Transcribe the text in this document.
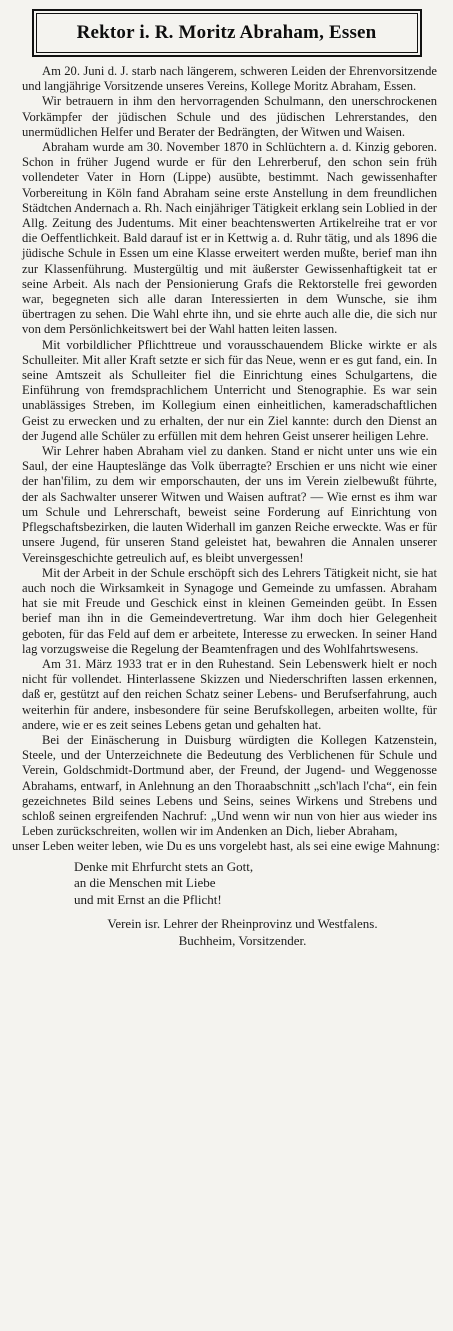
Rektor i. R. Moritz Abraham, Essen

Am 20. Juni d. J. starb nach längerem, schweren Leiden der Ehrenvorsitzende und langjährige Vorsitzende unseres Vereins, Kollege Moritz Abraham, Essen.

Wir betrauern in ihm den hervorragenden Schulmann, den unerschrockenen Vorkämpfer der jüdischen Schule und des jüdischen Lehrerstandes, den unermüdlichen Helfer und Berater der Bedrängten, der Witwen und Waisen.

Abraham wurde am 30. November 1870 in Schlüchtern a. d. Kinzig geboren. Schon in früher Jugend wurde er für den Lehrerberuf, den schon sein früh vollendeter Vater in Horn (Lippe) ausübte, bestimmt. Nach gewissenhafter Vorbereitung in Köln fand Abraham seine erste Anstellung in dem freundlichen Städtchen Andernach a. Rh. Nach einjähriger Tätigkeit erklang sein Loblied in der Allg. Zeitung des Judentums. Mit einer beachtenswerten Artikelreihe trat er vor die Oeffentlichkeit. Bald darauf ist er in Kettwig a. d. Ruhr tätig, und als 1896 die jüdische Schule in Essen um eine Klasse erweitert werden mußte, berief man ihn zur Klassenführung. Mustergültig und mit äußerster Gewissenhaftigkeit tat er seine Arbeit. Als nach der Pensionierung Grafs die Rektorstelle frei geworden war, begegneten sich alle daran Interessierten in dem Wunsche, sie ihm übertragen zu sehen. Die Wahl ehrte ihn, und sie ehrte auch alle die, die sich nur von dem Persönlichkeitswert bei der Wahl hatten leiten lassen.

Mit vorbildlicher Pflichttreue und vorausschauendem Blicke wirkte er als Schulleiter. Mit aller Kraft setzte er sich für das Neue, wenn er es gut fand, ein. In seine Amtszeit als Schulleiter fiel die Einrichtung eines Schulgartens, die Einführung von fremdsprachlichem Unterricht und Stenographie. Es war sein unablässiges Streben, im Kollegium einen einheitlichen, kameradschaftlichen Geist zu erwecken und zu erhalten, der nur ein Ziel kannte: durch den Dienst an der Jugend alle Schüler zu erfüllen mit dem hehren Geist unserer heiligen Lehre.

Wir Lehrer haben Abraham viel zu danken. Stand er nicht unter uns wie ein Saul, der eine Haupteslänge das Volk überragte? Erschien er uns nicht wie einer der han'filim, zu dem wir emporschauten, der uns im Verein zielbewußt führte, der als Sachwalter unserer Witwen und Waisen auftrat? — Wie ernst es ihm war um Schule und Lehrerschaft, beweist seine Forderung auf Einrichtung von Pflegschaftsbezirken, die lauten Widerhall im ganzen Reiche erweckte. Was er für unsere Jugend, für unseren Stand geleistet hat, bewahren die Annalen unserer Vereinsgeschichte getreulich auf, es bleibt unvergessen!

Mit der Arbeit in der Schule erschöpft sich des Lehrers Tätigkeit nicht, sie hat auch noch die Wirksamkeit in Synagoge und Gemeinde zu umfassen. Abraham hat sie mit Freude und Geschick einst in kleinen Gemeinden geübt. In Essen berief man ihn in die Gemeindevertretung. War ihm doch hier Gelegenheit geboten, für das Feld auf dem er arbeitete, Interesse zu erwecken. In seiner Hand lag vorzugsweise die Regelung der Beamtenfragen und des Wohlfahrtswesens.

Am 31. März 1933 trat er in den Ruhestand. Sein Lebenswerk hielt er noch nicht für vollendet. Hinterlassene Skizzen und Niederschriften lassen erkennen, daß er, gestützt auf den reichen Schatz seiner Lebens- und Berufserfahrung, auch weiterhin für andere, insbesondere für seine Berufskollegen, arbeiten wollte, für andere, wie er es zeit seines Lebens getan und gehalten hat.

Bei der Einäscherung in Duisburg würdigten die Kollegen Katzenstein, Steele, und der Unterzeichnete die Bedeutung des Verblichenen für Schule und Verein, Goldschmidt-Dortmund aber, der Freund, der Jugend- und Weggenosse Abrahams, entwarf, in Anlehnung an den Thoraabschnitt „sch'lach l'cha“, ein fein gezeichnetes Bild seines Lebens und Seins, seines Wirkens und Strebens und schloß seinen ergreifenden Nachruf: „Und wenn wir nun von hier aus wieder ins Leben zurückschreiten, wollen wir im Andenken an Dich, lieber Abraham,

unser Leben weiter leben, wie Du es uns vorgelebt hast, als sei eine ewige Mahnung:

Denke mit Ehrfurcht stets an Gott,
an die Menschen mit Liebe
und mit Ernst an die Pflicht!
Verein isr. Lehrer der Rheinprovinz und Westfalens.
Buchheim, Vorsitzender.
